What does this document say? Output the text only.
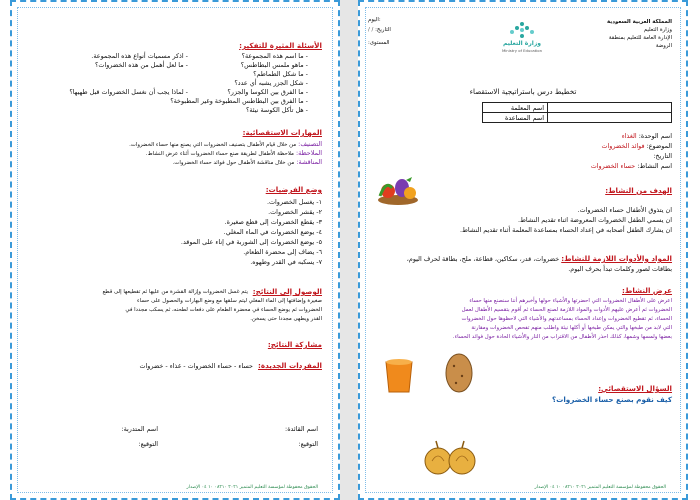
الأسئلة المثيرة للتفكير:
- ما اسم هذه المجموعة؟
- اذكر مسميات أنواع هذه المجموعة.
- ماهو ملمس البطاطس؟
- ما لعل أهمل من هذه الخضروات؟
- ما شكل الطماطم؟
- شكل الجزر يشبه أي عدد؟
- ما الفرق بين الكوسا والجزر؟
- لماذا يجب أن نغسل الخضروات قبل طهيها؟
- ما الفرق بين البطاطس المطبوخة وغير المطبوخة؟
- هل تأكل الكوسة نيئة؟
المهارات الاستقصائية:
التصنيف: من خلال قيام الأطفال بتصنيف الخضروات التي يصنع منها حساء الخضروات.
الملاحظة: ملاحظة الأطفال لطريقة صنع حساء الخضروات أثناء عرض النشاط.
المناقشة: من خلال مناقشة الأطفال حول فوائد حساء الخضروات.
وضع الفرضيات:
١- يغسل الخضروات.
٢- يقشر الخضروات.
٣- يقطع الخضروات إلى قطع صغيرة.
٤- يوضع الخضروات في الماء المغلي.
٥- يوضع الخضروات إلى الشوربة في إناء على الموقد.
٦- يضاف إلى محضرة الطعام.
٧- يسكبه في القدر وطهوه.
الوصول إلى النتائج:
يتم غسل الخضروات وإزالة القشرة من عليها ثم تقطيعها إلى قطع
صغيرة وإضافتها إلى الماء المغلي ليتم سلقها مع وضع البهارات والحصول على حساء
الخضروات ثم يوضع الحساء في محضرة الطعام على دفعات لطحنه، ثم يسكب مجددا في
القدر ويطهى مجددا حتى يسخن.
مشاركة النتائج:
المفردات الجديدة:
حساء - حساء الخضروات - غذاء - خضروات
اسم القائدة:
اسم المتدربة:
التوقيع:
التوقيع:
الحقوق محفوظة لمؤسسة التعليم المتميز ٢٠٢١ ٠٨٢١٠ ١٠ ٠٤ الإصدار
المملكة العربية السعودية
وزارة التعليم
الإدارة العامة للتعليم بمنطقة
الروضة
وزارة التعليم
Ministry of Education
اليوم:
التاريخ: / /
المستوى:
تخطيط درس باستراتيجية الاستقصاء
اسم المعلمة	
اسم المساعدة	
اسم الوحدة: الغذاء
الموضوع: فوائد الخضروات
التاريخ:
اسم النشاط: حساء الخضروات
الهدف من النشاط:
ان يتذوق الأطفال حساء الخضروات.
ان يسمي الطفل الخضروات المعروضة اثناء تقديم النشاط.
ان يشارك الطفل أصحابه في إعداد الحساء بمساعدة المعلمة أثناء تقديم النشاط.
المواد والأدوات اللازمة للنشاط: خضروات، قدر، سكاكين، قطاعة، ملح، بطاقة لحرف اليوم،
بطاقات لصور وكلمات تبدأ بحرف اليوم.
عرض النشاط:
اعرض على الأطفال الخضروات التي احضرتها والأشياء حولها وأخبرهم أننا سنصنع منها حساء
الخضروات ثم أعرض عليهم الأدوات والمواد اللازمة لصنع الحساء ثم أقوم بتقسيم الأطفال لعمل
الحساء، ثم تقطيع الخضروات وإعداد الحساء بمساعدتهم والأشياء التي لاحظوها حول الخضروات
التي لابد من طبخها والتي يمكن طبخها أو أكلها نيئة واطلب منهم تفحص الخضروات ومقارنة
بعضها ولمسها وشمها، كذلك احذر الأطفال من الاقتراب من النار والأشياء الحادة حول فوائد الحساء.
السؤال الاستقصائي:
كيف نقوم بصنع حساء الخضروات؟
الحقوق محفوظة لمؤسسة التعليم المتميز ٢٠٢١ ٠٨٢١٠ ١٠ ٠٤ الإصدار
